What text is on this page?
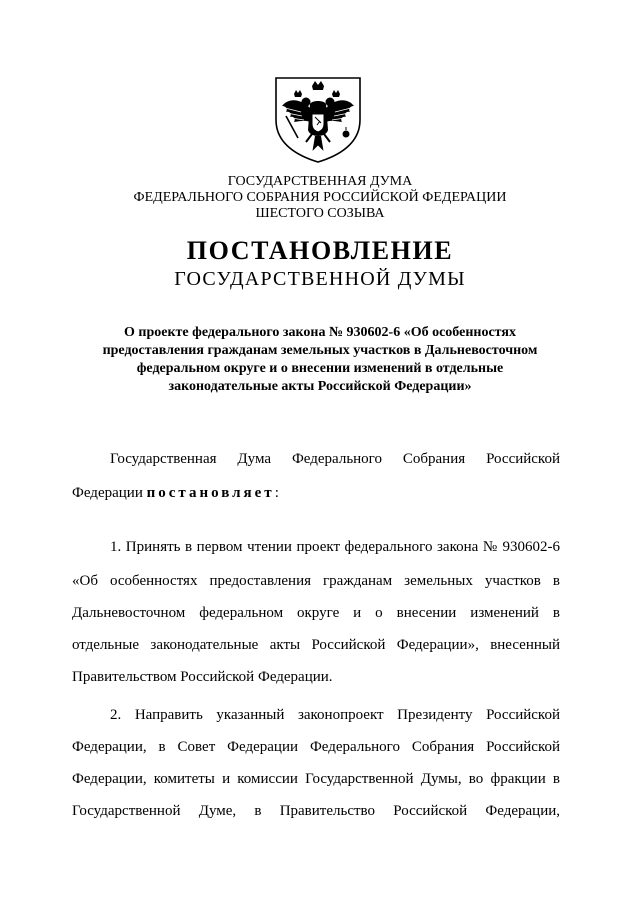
ГОСУДАРСТВЕННАЯ ДУМА
ФЕДЕРАЛЬНОГО СОБРАНИЯ РОССИЙСКОЙ ФЕДЕРАЦИИ
ШЕСТОГО СОЗЫВА
ПОСТАНОВЛЕНИЕ
ГОСУДАРСТВЕННОЙ ДУМЫ
О проекте федерального закона № 930602-6 «Об особенностях
предоставления гражданам земельных участков в Дальневосточном
федеральном округе и о внесении изменений в отдельные
законодательные акты Российской Федерации»
Государственная Дума Федерального Собрания Российской
Федерации постановляет:
1. Принять в первом чтении проект федерального закона № 930602-6
«Об особенностях предоставления гражданам земельных участков в
Дальневосточном федеральном округе и о внесении изменений в
отдельные законодательные акты Российской Федерации», внесенный
Правительством Российской Федерации.
2. Направить указанный законопроект Президенту Российской
Федерации, в Совет Федерации Федерального Собрания Российской
Федерации, комитеты и комиссии Государственной Думы, во фракции в
Государственной Думе, в Правительство Российской Федерации,
